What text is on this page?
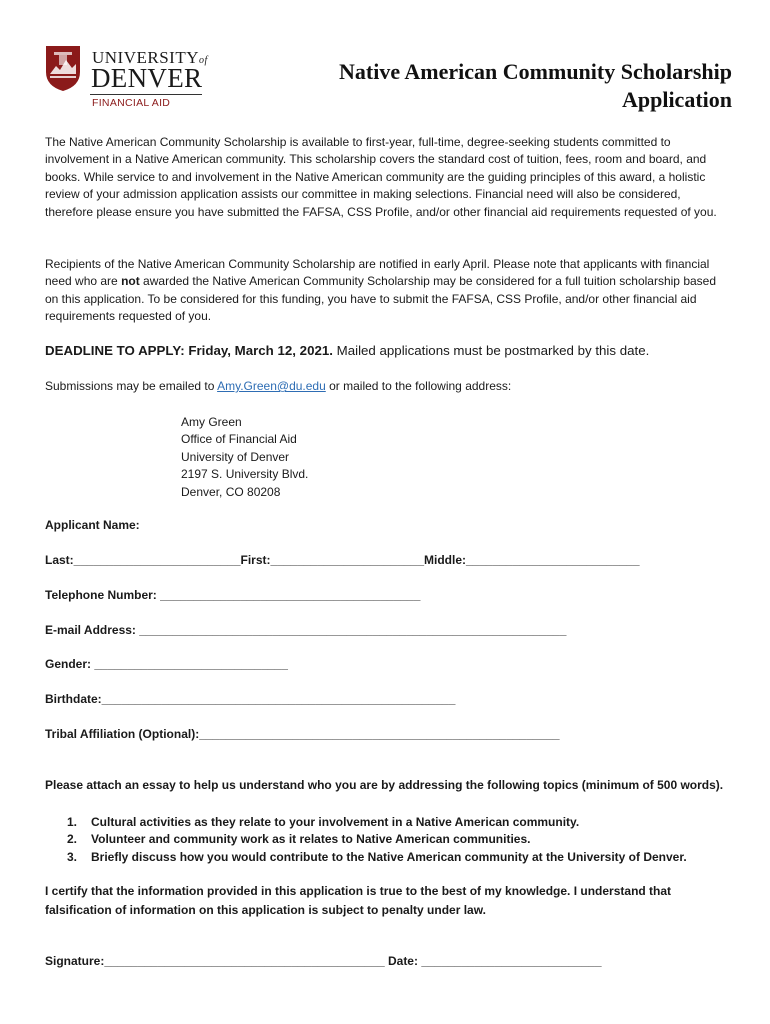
UNIVERSITYof
DENVER
FINANCIAL AID
Native American Community Scholarship
Application
The Native American Community Scholarship is available to first-year, full-time, degree-seeking students committed to involvement in a Native American community. This scholarship covers the standard cost of tuition, fees, room and board, and books. While service to and involvement in the Native American community are the guiding principles of this award, a holistic review of your admission application assists our committee in making selections. Financial need will also be considered, therefore please ensure you have submitted the FAFSA, CSS Profile, and/or other financial aid requirements requested of you.
Recipients of the Native American Community Scholarship are notified in early April. Please note that applicants with financial need who are not awarded the Native American Community Scholarship may be considered for a full tuition scholarship based on this application. To be considered for this funding, you have to submit the FAFSA, CSS Profile, and/or other financial aid requirements requested of you.
DEADLINE TO APPLY: Friday, March 12, 2021. Mailed applications must be postmarked by this date.
Submissions may be emailed to Amy.Green@du.edu or mailed to the following address:
Amy Green
Office of Financial Aid
University of Denver
2197 S. University Blvd.
Denver, CO 80208
Applicant Name:
Last:_________________________First:_______________________Middle:__________________________
Telephone Number: _______________________________________
E-mail Address: ________________________________________________________________
Gender: _____________________________
Birthdate:_____________________________________________________
Tribal Affiliation (Optional):______________________________________________________
Please attach an essay to help us understand who you are by addressing the following topics (minimum of 500 words).
1. Cultural activities as they relate to your involvement in a Native American community.
2. Volunteer and community work as it relates to Native American communities.
3. Briefly discuss how you would contribute to the Native American community at the University of Denver.
I certify that the information provided in this application is true to the best of my knowledge. I understand that falsification of information on this application is subject to penalty under law.
Signature:__________________________________________ Date: ___________________________
